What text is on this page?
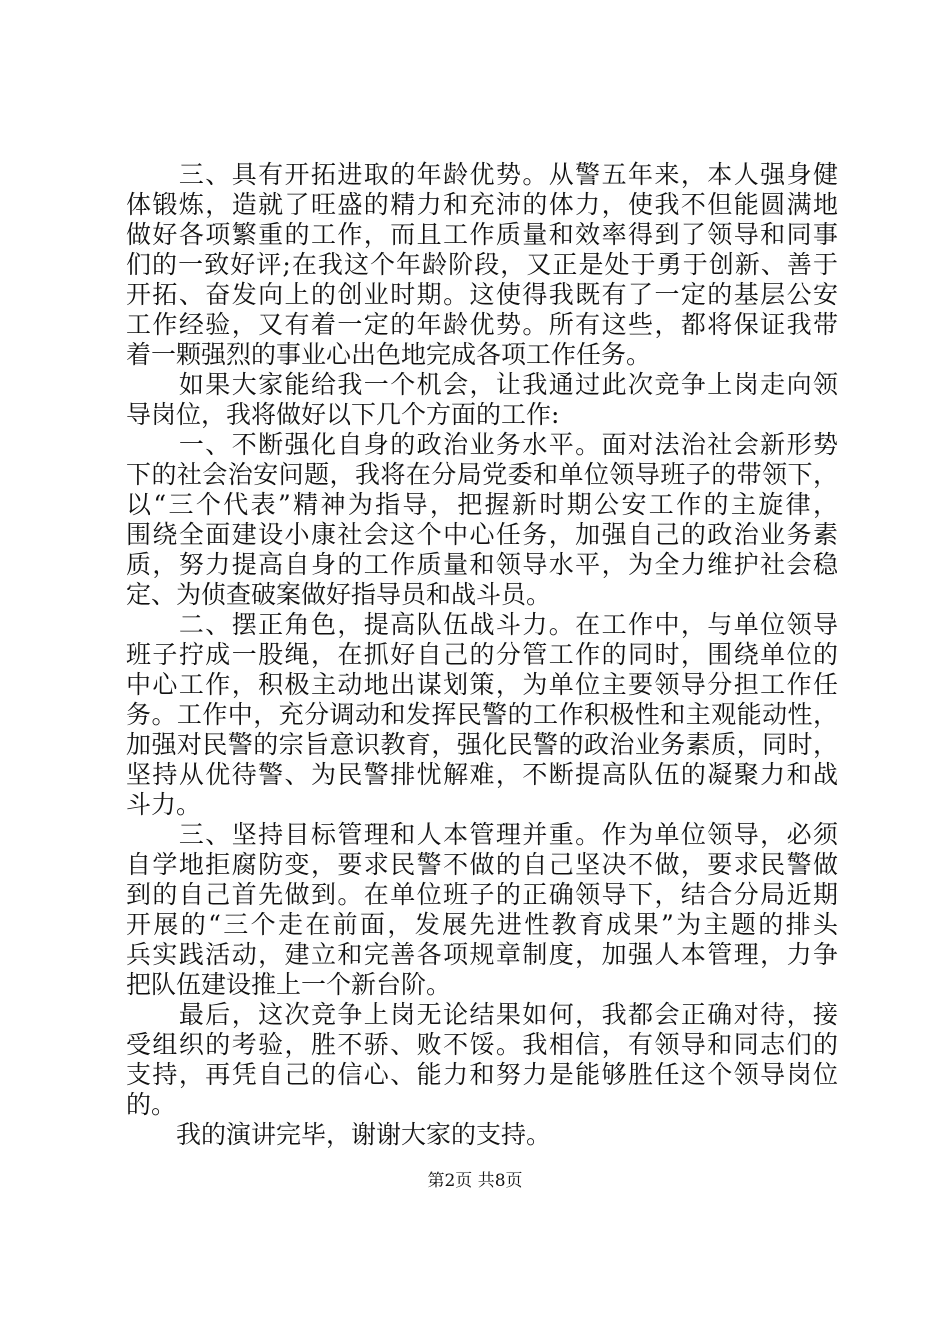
　　三、具有开拓进取的年龄优势。从警五年来，本人强身健
体锻炼，造就了旺盛的精力和充沛的体力，使我不但能圆满地
做好各项繁重的工作，而且工作质量和效率得到了领导和同事
们的一致好评;在我这个年龄阶段，又正是处于勇于创新、善于
开拓、奋发向上的创业时期。这使得我既有了一定的基层公安
工作经验，又有着一定的年龄优势。所有这些，都将保证我带
着一颗强烈的事业心出色地完成各项工作任务。
　　如果大家能给我一个机会，让我通过此次竞争上岗走向领
导岗位，我将做好以下几个方面的工作:
　　一、不断强化自身的政治业务水平。面对法治社会新形势
下的社会治安问题，我将在分局党委和单位领导班子的带领下，
以“三个代表”精神为指导，把握新时期公安工作的主旋律，
围绕全面建设小康社会这个中心任务，加强自己的政治业务素
质，努力提高自身的工作质量和领导水平，为全力维护社会稳
定、为侦查破案做好指导员和战斗员。
　　二、摆正角色，提高队伍战斗力。在工作中，与单位领导
班子拧成一股绳，在抓好自己的分管工作的同时，围绕单位的
中心工作，积极主动地出谋划策，为单位主要领导分担工作任
务。工作中，充分调动和发挥民警的工作积极性和主观能动性，
加强对民警的宗旨意识教育，强化民警的政治业务素质，同时，
坚持从优待警、为民警排忧解难，不断提高队伍的凝聚力和战
斗力。
　　三、坚持目标管理和人本管理并重。作为单位领导，必须
自学地拒腐防变，要求民警不做的自己坚决不做，要求民警做
到的自己首先做到。在单位班子的正确领导下，结合分局近期
开展的“三个走在前面，发展先进性教育成果”为主题的排头
兵实践活动，建立和完善各项规章制度，加强人本管理，力争
把队伍建设推上一个新台阶。
　　最后，这次竞争上岗无论结果如何，我都会正确对待，接
受组织的考验，胜不骄、败不馁。我相信，有领导和同志们的
支持，再凭自己的信心、能力和努力是能够胜任这个领导岗位
的。
　　我的演讲完毕，谢谢大家的支持。
第2页 共8页
